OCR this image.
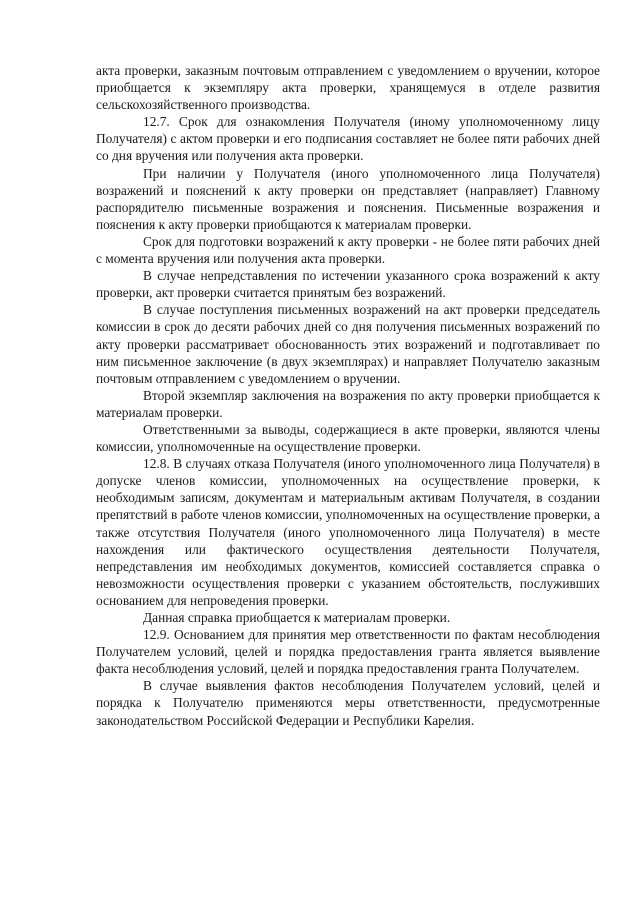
акта проверки, заказным почтовым отправлением с уведомлением о вручении, которое приобщается к экземпляру акта проверки, хранящемуся в отделе развития сельскохозяйственного производства.

12.7. Срок для ознакомления Получателя (иному уполномоченному лицу Получателя) с актом проверки и его подписания составляет не более пяти рабочих дней со дня вручения или получения акта проверки.

При наличии у Получателя (иного уполномоченного лица Получателя) возражений и пояснений к акту проверки он представляет (направляет) Главному распорядителю письменные возражения и пояснения. Письменные возражения и пояснения к акту проверки приобщаются к материалам проверки.

Срок для подготовки возражений к акту проверки - не более пяти рабочих дней с момента вручения или получения акта проверки.

В случае непредставления по истечении указанного срока возражений к акту проверки, акт проверки считается принятым без возражений.

В случае поступления письменных возражений на акт проверки председатель комиссии в срок до десяти рабочих дней со дня получения письменных возражений по акту проверки рассматривает обоснованность этих возражений и подготавливает по ним письменное заключение (в двух экземплярах) и направляет Получателю заказным почтовым отправлением с уведомлением о вручении.

Второй экземпляр заключения на возражения по акту проверки приобщается к материалам проверки.

Ответственными за выводы, содержащиеся в акте проверки, являются члены комиссии, уполномоченные на осуществление проверки.

12.8. В случаях отказа Получателя (иного уполномоченного лица Получателя) в допуске членов комиссии, уполномоченных на осуществление проверки, к необходимым записям, документам и материальным активам Получателя, в создании препятствий в работе членов комиссии, уполномоченных на осуществление проверки, а также отсутствия Получателя (иного уполномоченного лица Получателя) в месте нахождения или фактического осуществления деятельности Получателя, непредставления им необходимых документов, комиссией составляется справка о невозможности осуществления проверки с указанием обстоятельств, послуживших основанием для непроведения проверки.

Данная справка приобщается к материалам проверки.

12.9. Основанием для принятия мер ответственности по фактам несоблюдения Получателем условий, целей и порядка предоставления гранта является выявление факта несоблюдения условий, целей и порядка предоставления гранта Получателем.

В случае выявления фактов несоблюдения Получателем условий, целей и порядка к Получателю применяются меры ответственности, предусмотренные законодательством Российской Федерации и Республики Карелия.
